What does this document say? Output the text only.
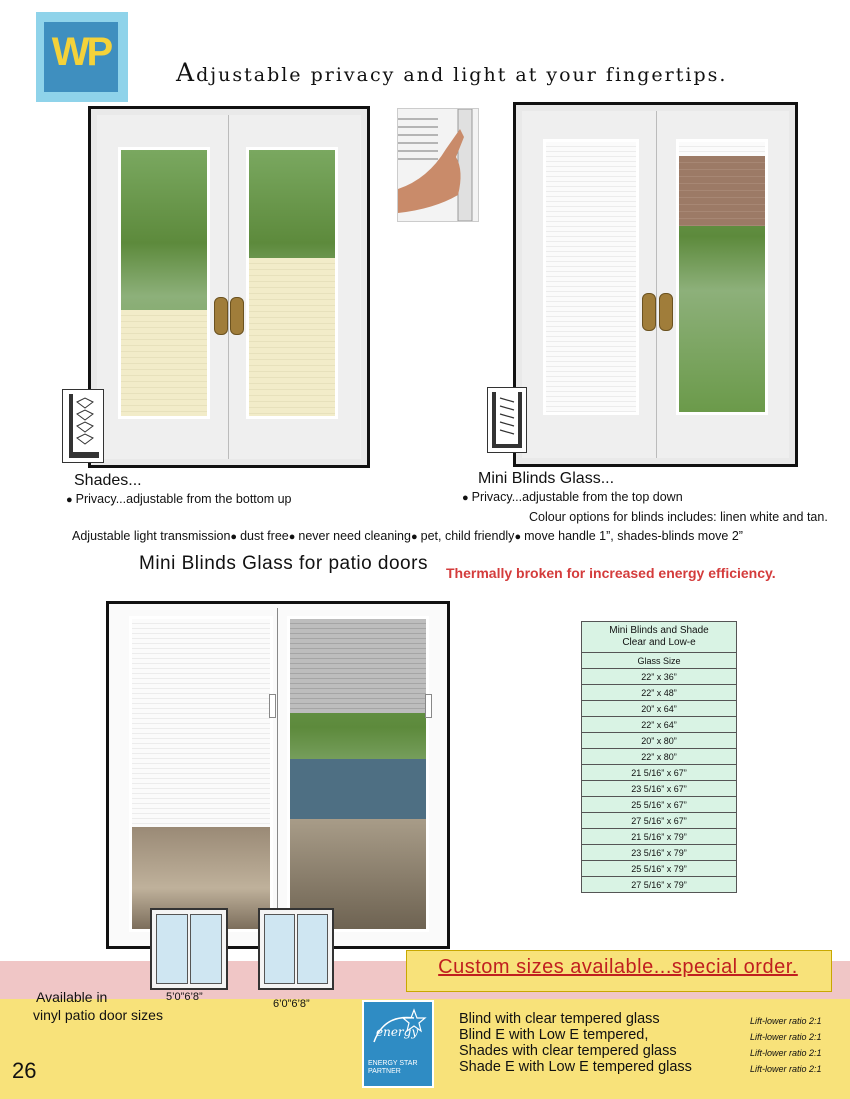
WP	Adjustable privacy and light at your fingertips.
Shades...
● Privacy...adjustable from the bottom up
Mini Blinds Glass...
● Privacy...adjustable from the top down
Colour options for blinds includes: linen white and tan.
Adjustable light transmission● dust free● never need cleaning● pet, child friendly● move handle 1”, shades-blinds move 2”
Mini Blinds Glass for patio doors	Thermally broken for increased energy efficiency.
Mini Blinds and Shade
Clear and Low-e
Glass Size
22” x 36”
22” x 48”
20” x 64”
22” x 64”
20” x 80”
22” x 80”
21 5/16” x 67”
23 5/16” x 67”
25 5/16” x 67”
27 5/16” x 67”
21 5/16” x 79”
23 5/16” x 79”
25 5/16” x 79”
27 5/16” x 79”
Custom sizes available...special order.
Available in
vinyl patio door sizes
5’0”6’8”
6’0”6’8”
energy
ENERGY STAR
PARTNER
Blind with clear tempered glass
Blind E with Low E tempered,
Shades with clear tempered glass
Shade E with Low E tempered glass
Lift-lower ratio 2:1
Lift-lower ratio 2:1
Lift-lower ratio 2:1
Lift-lower ratio 2:1
26
